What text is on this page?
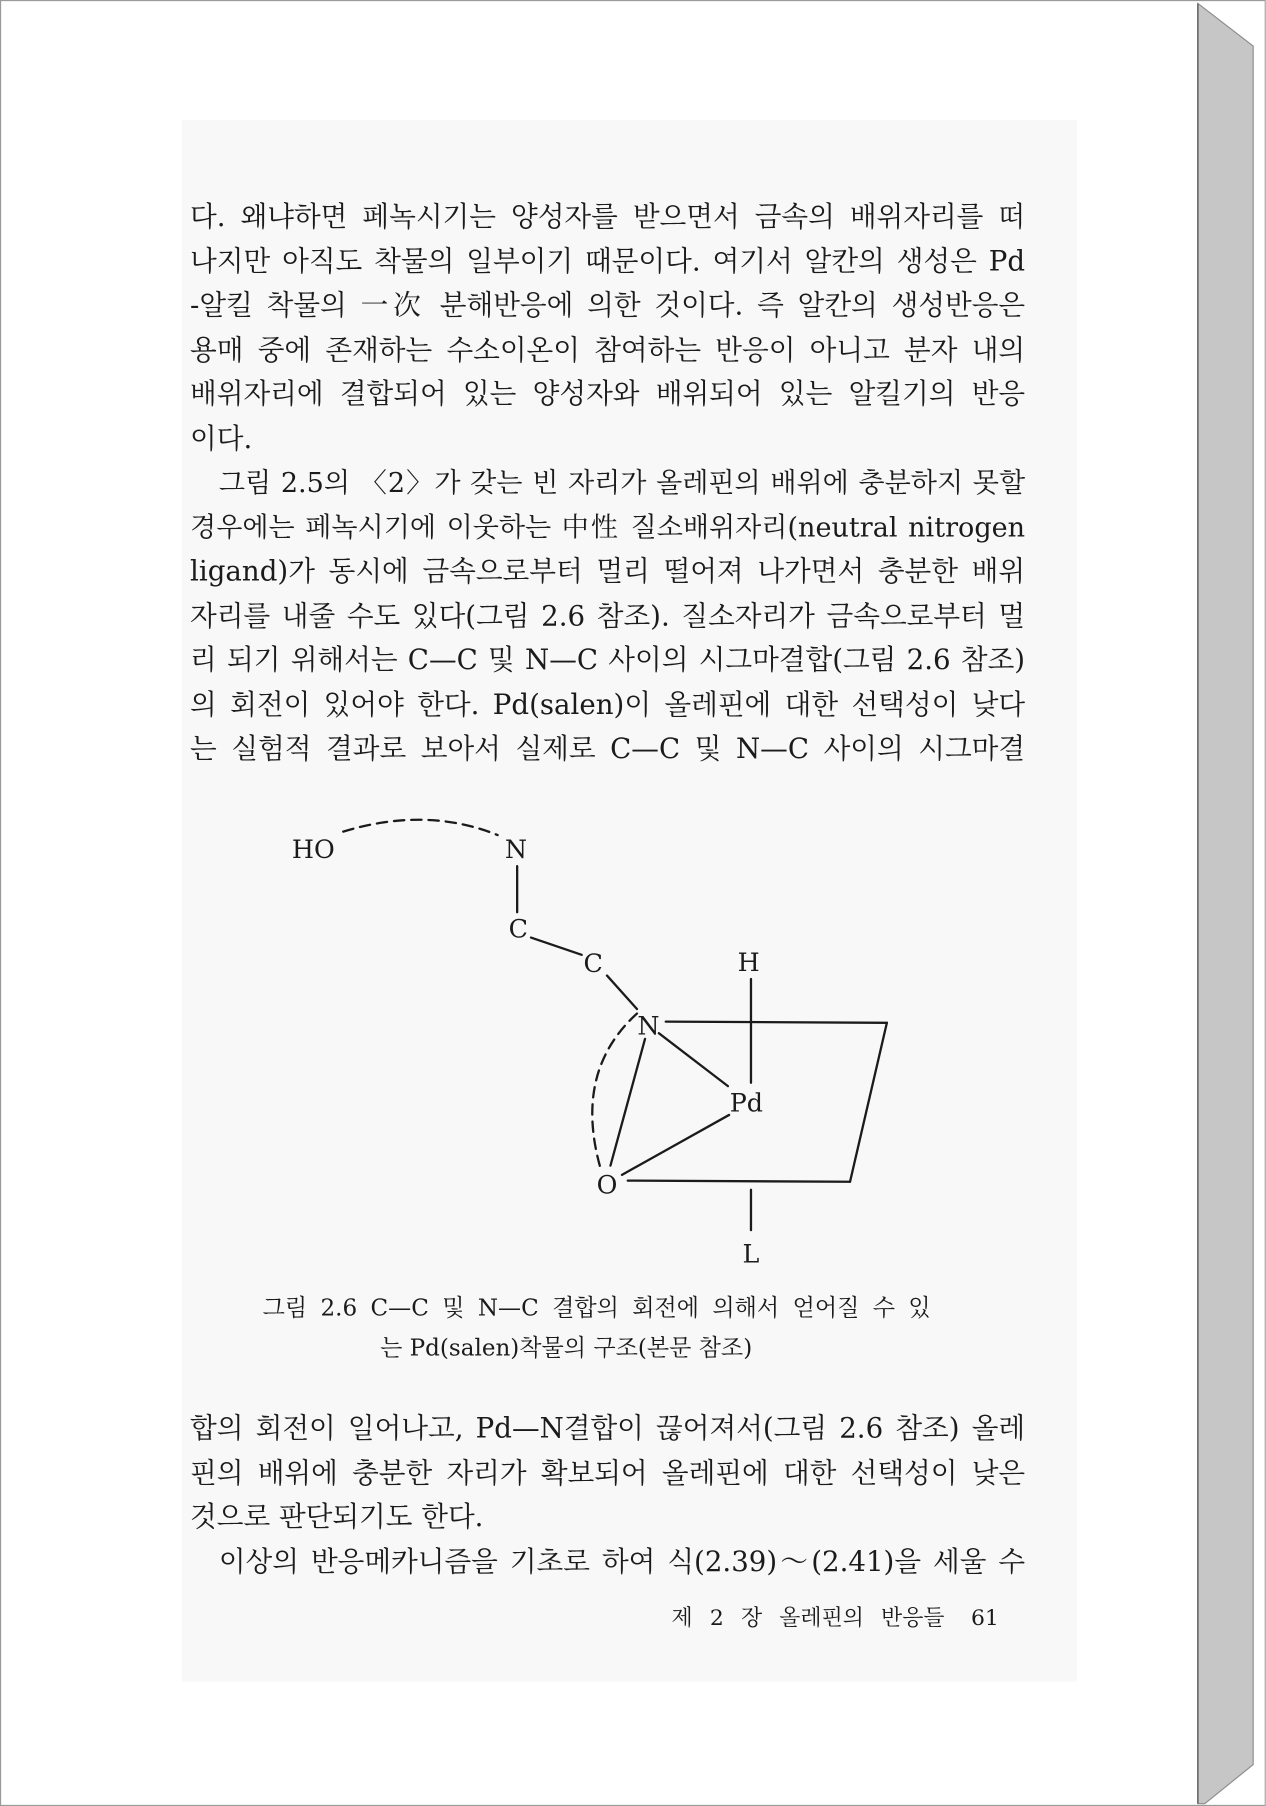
다. 왜냐하면 페녹시기는 양성자를 받으면서 금속의 배위자리를 떠
나지만 아직도 착물의 일부이기 때문이다. 여기서 알칸의 생성은 Pd
-알킬 착물의 一次 분해반응에 의한 것이다. 즉 알칸의 생성반응은
용매 중에 존재하는 수소이온이 참여하는 반응이 아니고 분자 내의
배위자리에 결합되어 있는 양성자와 배위되어 있는 알킬기의 반응
이다.
그림 2.5의 〈2〉가 갖는 빈 자리가 올레핀의 배위에 충분하지 못할
경우에는 페녹시기에 이웃하는 中性 질소배위자리(neutral nitrogen
ligand)가 동시에 금속으로부터 멀리 떨어져 나가면서 충분한 배위
자리를 내줄 수도 있다(그림 2.6 참조). 질소자리가 금속으로부터 멀
리 되기 위해서는 C—C 및 N—C 사이의 시그마결합(그림 2.6 참조)
의 회전이 있어야 한다. Pd(salen)이 올레핀에 대한 선택성이 낮다
는 실험적 결과로 보아서 실제로 C—C 및 N—C 사이의 시그마결
HO	N
C
C	H
N
Pd
O
L
그림 2.6 C—C 및 N—C 결합의 회전에 의해서 얻어질 수 있
는 Pd(salen)착물의 구조(본문 참조)
합의 회전이 일어나고, Pd—N결합이 끊어져서(그림 2.6 참조) 올레
핀의 배위에 충분한 자리가 확보되어 올레핀에 대한 선택성이 낮은
것으로 판단되기도 한다.
이상의 반응메카니즘을 기초로 하여 식(2.39)～(2.41)을 세울 수
제 2 장 올레핀의 반응들 61
